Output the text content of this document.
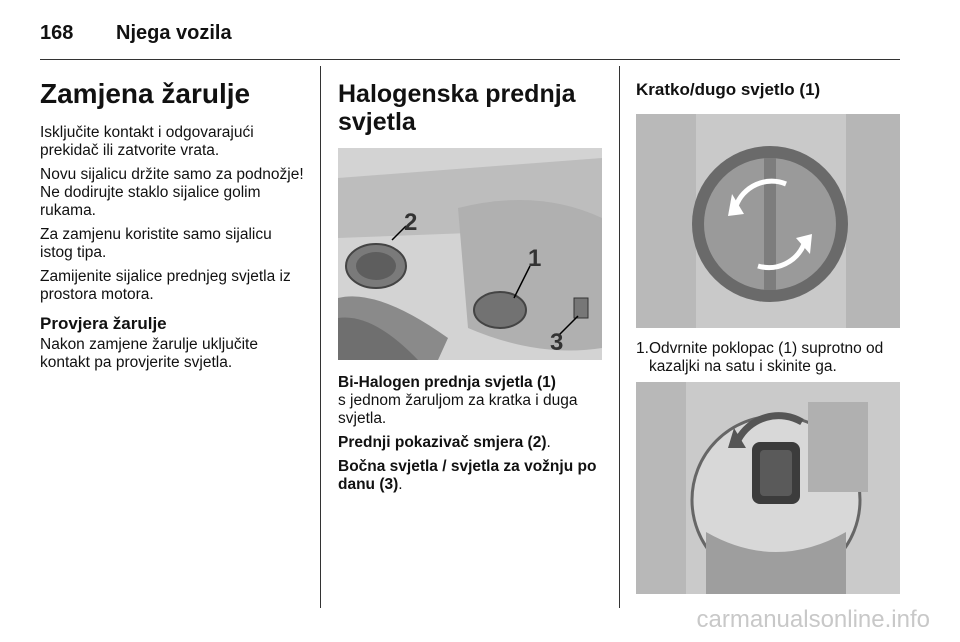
168 Njega vozila
Zamjena žarulje

Isključite kontakt i odgovarajući prekidač ili zatvorite vrata.

Novu sijalicu držite samo za podnožje! Ne dodirujte staklo sijalice golim rukama.

Za zamjenu koristite samo sijalicu istog tipa.

Zamijenite sijalice prednjeg svjetla iz prostora motora.

Provjera žarulje

Nakon zamjene žarulje uključite kontakt pa provjerite svjetla.

Halogenska prednja svjetla
2
1
3

Bi-Halogen prednja svjetla (1)

s jednom žaruljom za kratka i duga svjetla.

Prednji pokazivač smjera (2).

Bočna svjetla / svjetla za vožnju po danu (3).

Kratko/dugo svjetlo (1)
1. Odvrnite poklopac (1) suprotno od kazaljki na satu i skinite ga.
carmanualsonline.info
